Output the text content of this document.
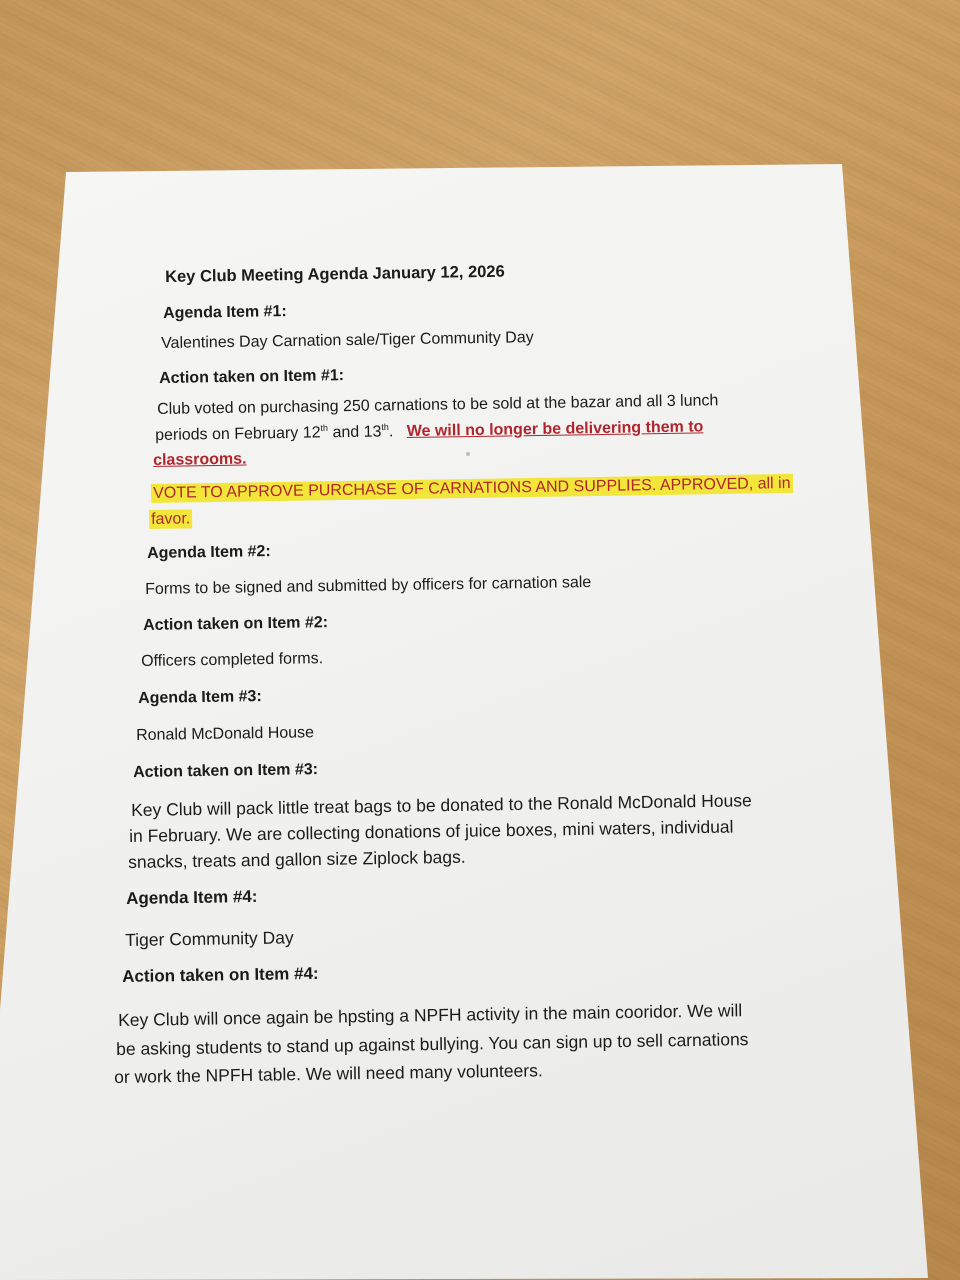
Key Club Meeting Agenda January 12, 2026
Agenda Item #1:
Valentines Day Carnation sale/Tiger Community Day
Action taken on Item #1:
Club voted on purchasing 250 carnations to be sold at the bazar and all 3 lunch
periods on February 12th and 13th.   We will no longer be delivering them to
classrooms.
VOTE TO APPROVE PURCHASE OF CARNATIONS AND SUPPLIES. APPROVED, all in
favor.
Agenda Item #2:
Forms to be signed and submitted by officers for carnation sale
Action taken on Item #2:
Officers completed forms.
Agenda Item #3:
Ronald McDonald House
Action taken on Item #3:
Key Club will pack little treat bags to be donated to the Ronald McDonald House
in February. We are collecting donations of juice boxes, mini waters, individual
snacks, treats and gallon size Ziplock bags.
Agenda Item #4:
Tiger Community Day
Action taken on Item #4:
Key Club will once again be hpsting a NPFH activity in the main cooridor. We will
be asking students to stand up against bullying. You can sign up to sell carnations
or work the NPFH table. We will need many volunteers.
